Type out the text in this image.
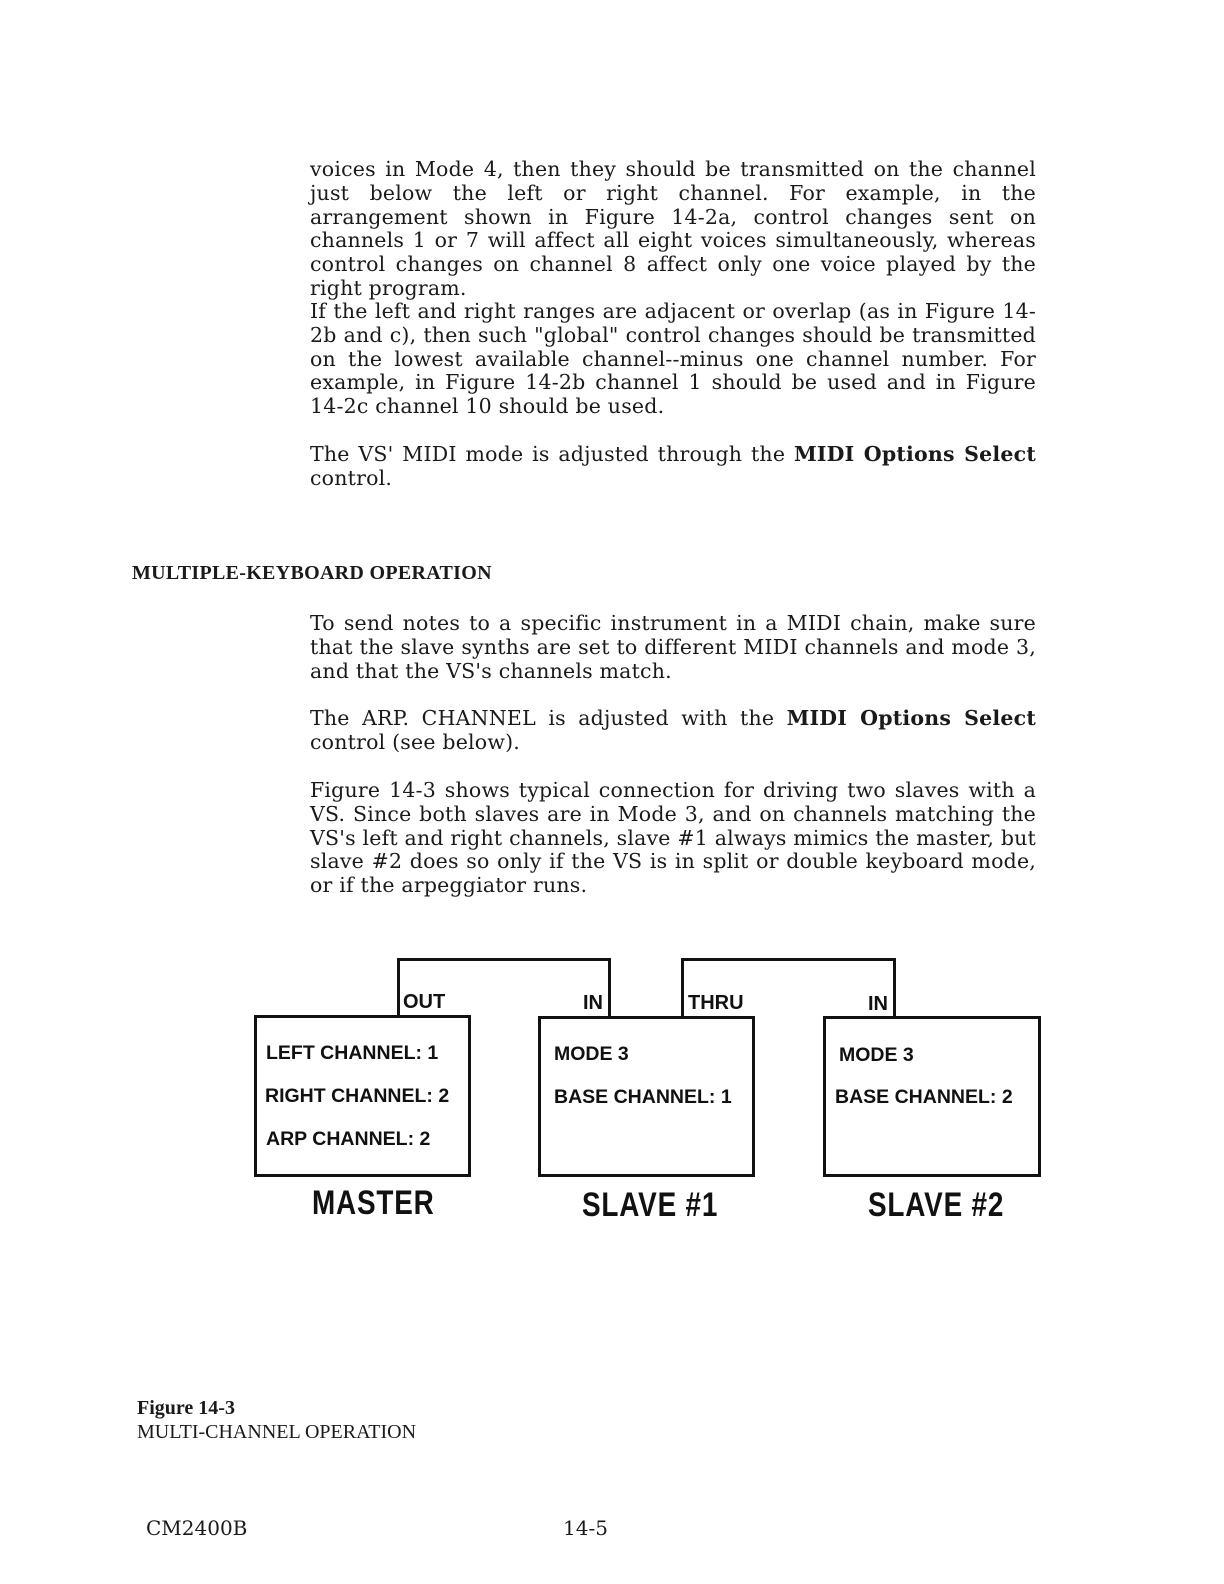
voices in Mode 4, then they should be transmitted on the channel just below the left or right channel. For example, in the arrangement shown in Figure 14-2a, control changes sent on channels 1 or 7 will affect all eight voices simultaneously, whereas control changes on channel 8 affect only one voice played by the right program.
If the left and right ranges are adjacent or overlap (as in Figure 14-2b and c), then such "global" control changes should be transmitted on the lowest available channel--minus one channel number. For example, in Figure 14-2b channel 1 should be used and in Figure 14-2c channel 10 should be used.
The VS' MIDI mode is adjusted through the MIDI Options Select control.
MULTIPLE-KEYBOARD OPERATION
To send notes to a specific instrument in a MIDI chain, make sure that the slave synths are set to different MIDI channels and mode 3, and that the VS's channels match.
The ARP. CHANNEL is adjusted with the MIDI Options Select control (see below).
Figure 14-3 shows typical connection for driving two slaves with a VS. Since both slaves are in Mode 3, and on channels matching the VS's left and right channels, slave #1 always mimics the master, but slave #2 does so only if the VS is in split or double keyboard mode, or if the arpeggiator runs.
OUT
LEFT CHANNEL: 1
RIGHT CHANNEL: 2
ARP CHANNEL: 2
MASTER
IN	THRU
MODE 3
BASE CHANNEL: 1
SLAVE #1
IN
MODE 3
BASE CHANNEL: 2
SLAVE #2
Figure 14-3
MULTI-CHANNEL OPERATION
CM2400B	14-5
